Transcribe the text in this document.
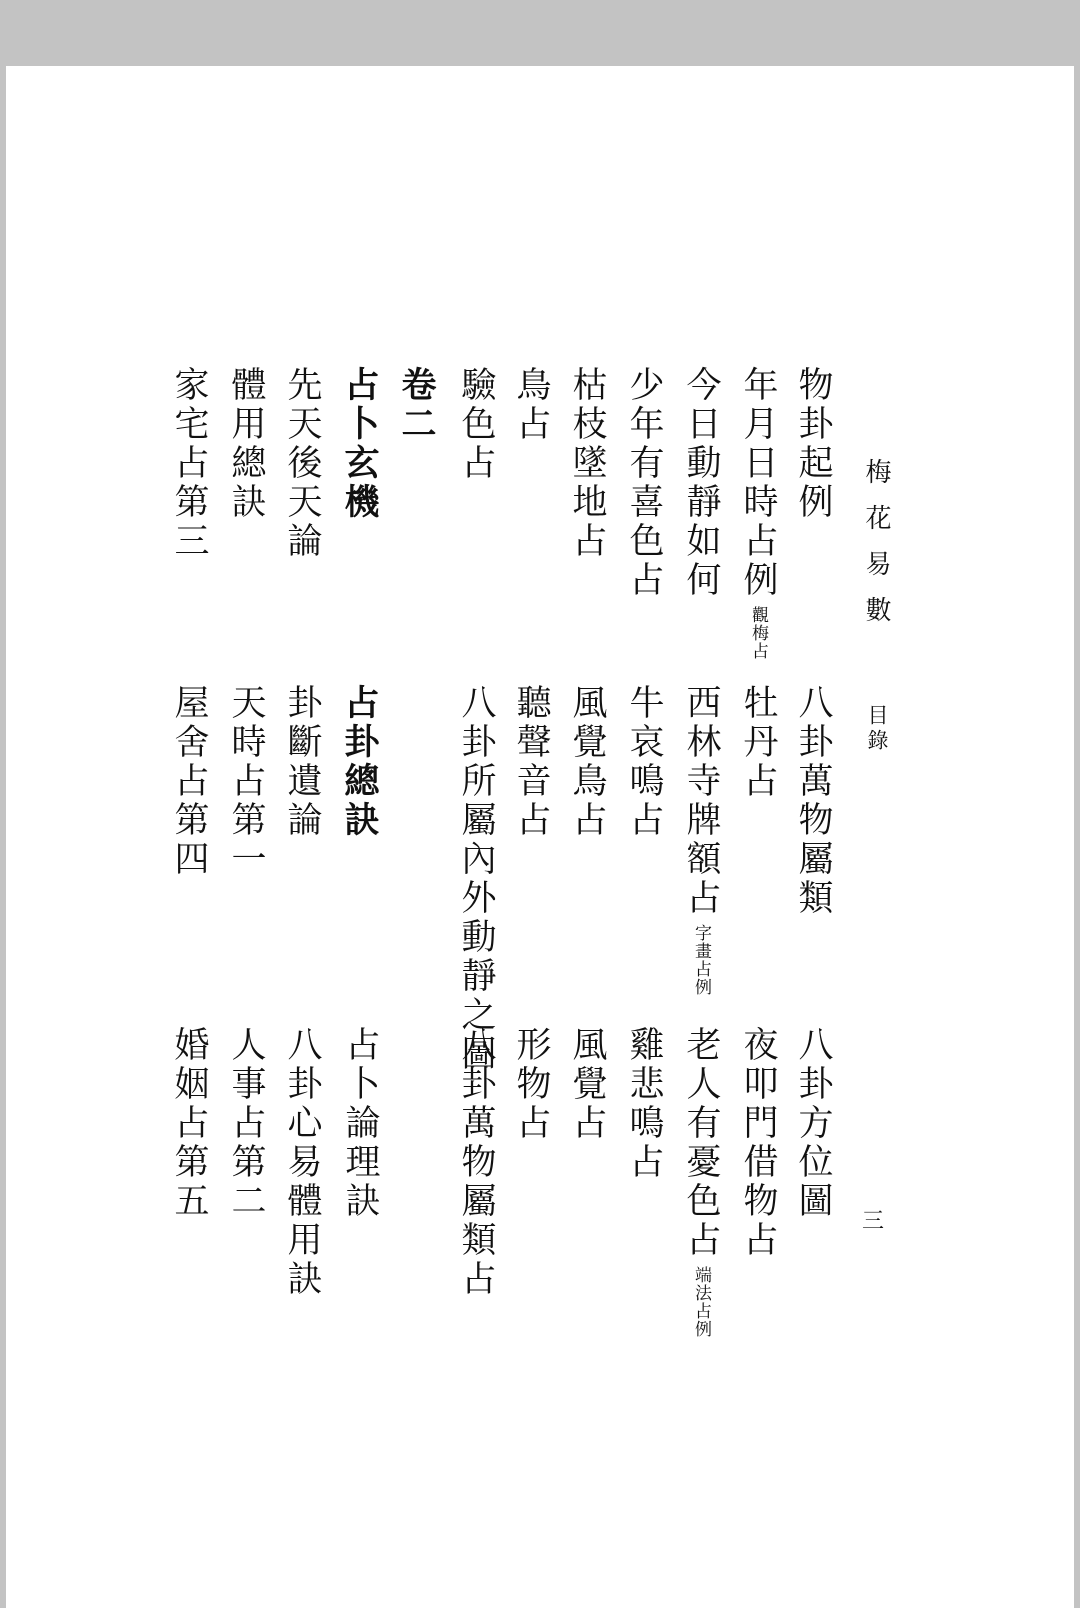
梅花易數
目錄
三
物卦起例
八卦萬物屬類
八卦方位圖
年月日時占例觀梅占
牡丹占
夜叩門借物占
今日動靜如何
西林寺牌額占字畫占例
老人有憂色占端法占例
少年有喜色占
牛哀鳴占
雞悲鳴占
枯枝墜地占
風覺鳥占
風覺占
鳥占
聽聲音占
形物占
驗色占
八卦所屬內外動靜之圖
八卦萬物屬類占
卷二
占卜玄機
占卦總訣
占卜論理訣
先天後天論
卦斷遺論
八卦心易體用訣
體用總訣
天時占第一
人事占第二
家宅占第三
屋舍占第四
婚姻占第五
